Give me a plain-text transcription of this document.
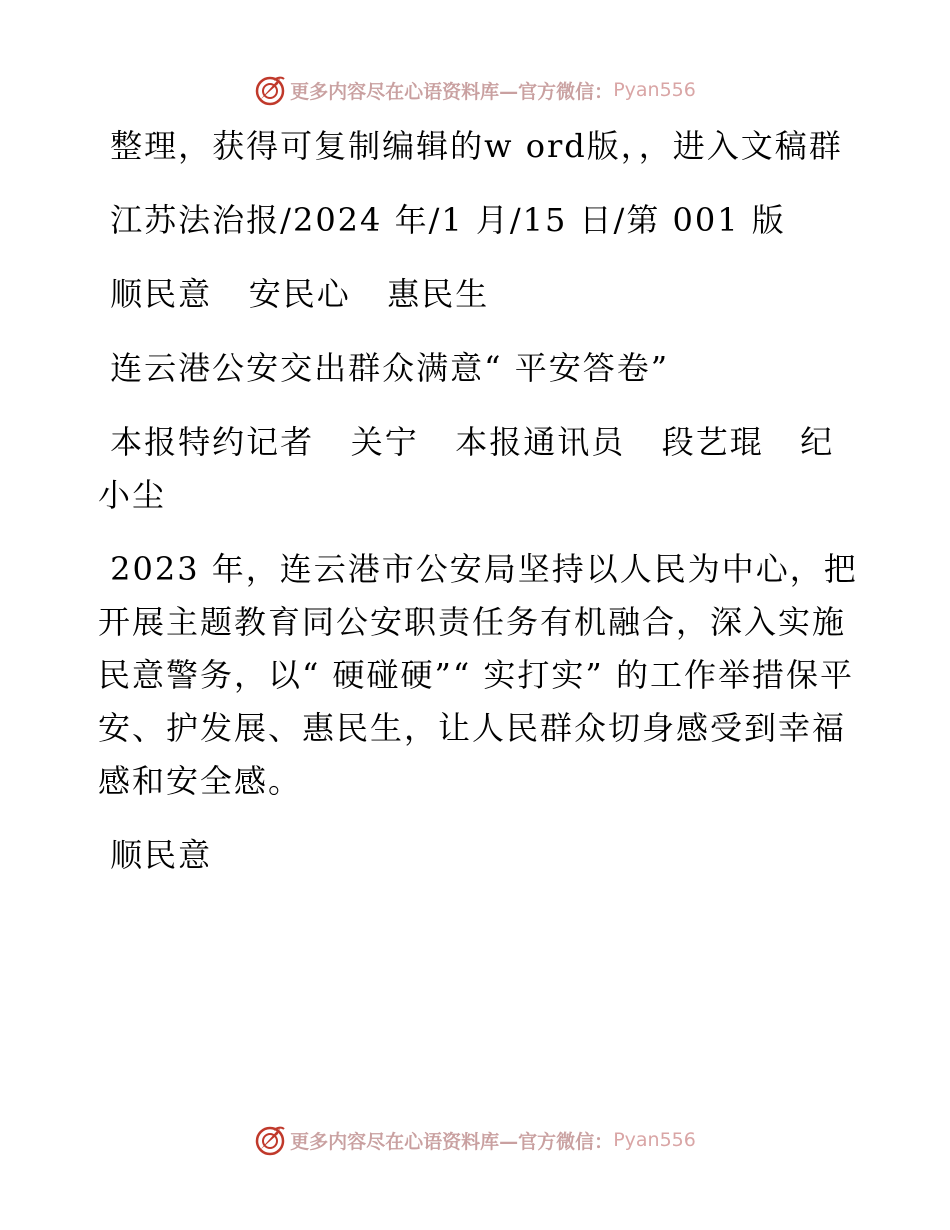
更多内容尽在心语资料库— 官方微信： Pyan556

整理，获得可复制编辑的w ord版，，进入文稿群

江苏法治报/2024 年/1 月/15 日/第 001 版

顺民意   安民心   惠民生

连云港公安交出群众满意“ 平安答卷”

本报特约记者   关宁   本报通讯员   段艺琨   纪小尘

2023 年，连云港市公安局坚持以人民为中心，把开展主题教育同公安职责任务有机融合，深入实施民意警务，以“ 硬碰硬”“ 实打实” 的工作举措保平安、护发展、惠民生，让人民群众切身感受到幸福感和安全感。

顺民意

更多内容尽在心语资料库— 官方微信： Pyan556
